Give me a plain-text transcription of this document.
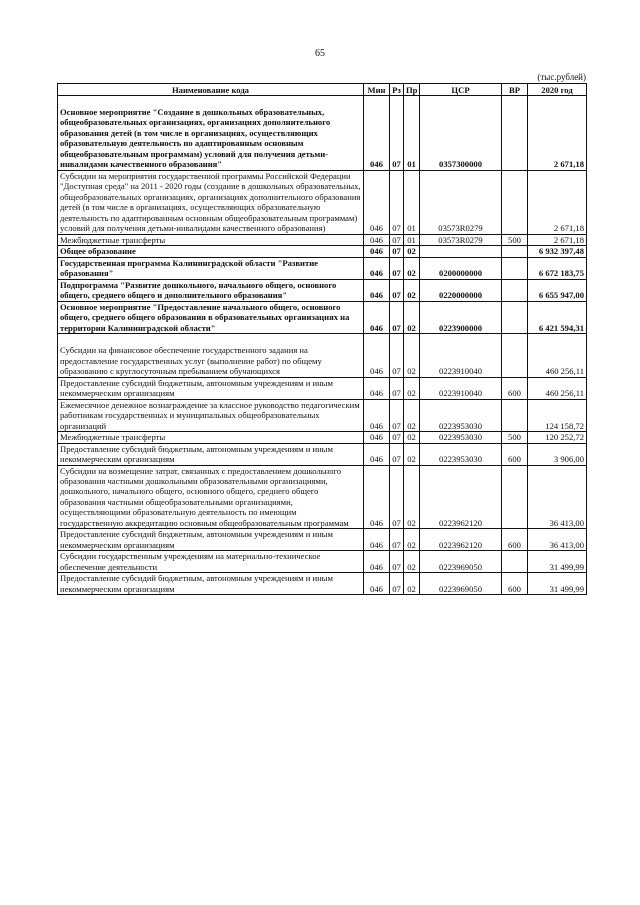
65
(тыс.рублей)
Наименование кода	Мин	Рз	Пр	ЦСР	ВР	2020 год

Основное мероприятие "Создание в дошкольных образовательных, общеобразовательных организациях, организациях дополнительного образования детей (в том числе в организациях, осуществляющих образовательную деятельность по адаптированным основным общеобразовательным программам) условий для получения детьми-инвалидами качественного образования"	046	07	01	0357300000		2 671,18
Субсидии на мероприятия государственной программы Российской Федерации "Доступная среда" на 2011 - 2020 годы (создание в дошкольных образовательных, общеобразовательных организациях, организациях дополнительного образования детей (в том числе в организациях, осуществляющих образовательную деятельность по адаптированным основным общеобразовательным программам) условий для получения детьми-инвалидами качественного образования)	046	07	01	03573R0279		2 671,18
Межбюджетные трансферты	046	07	01	03573R0279	500	2 671,18
Общее образование	046	07	02			6 932 397,48
Государственная программа Калининградской области "Развитие образования"	046	07	02	0200000000		6 672 183,75
Подпрограмма "Развитие дошкольного, начального общего, основного общего, среднего общего и дополнительного образования"	046	07	02	0220000000		6 655 947,00
Основное мероприятие "Предоставление начального общего, основного общего, среднего общего образования в образовательных организациях на территории Калининградской области"	046	07	02	0223900000		6 421 594,31

Субсидии на финансовое обеспечение государственного задания на предоставление государственных услуг (выполнение работ) по общему образованию с круглосуточным пребыванием обучающихся	046	07	02	0223910040		460 256,11
Предоставление субсидий бюджетным, автономным учреждениям и иным некоммерческим организациям	046	07	02	0223910040	600	460 256,11
Ежемесячное денежное вознаграждение за классное руководство педагогическим работникам государственных и муниципальных общеобразовательных организаций	046	07	02	0223953030		124 158,72
Межбюджетные трансферты	046	07	02	0223953030	500	120 252,72
Предоставление субсидий бюджетным, автономным учреждениям и иным некоммерческим организациям	046	07	02	0223953030	600	3 906,00
Субсидии на возмещение затрат, связанных с предоставлением дошкольного образования частными дошкольными образовательными организациями, дошкольного, начального общего, основного общего, среднего общего образования частными общеобразовательными организациями, осуществляющими образовательную деятельность по имеющим государственную аккредитацию основным общеобразовательным программам	046	07	02	0223962120		36 413,00
Предоставление субсидий бюджетным, автономным учреждениям и иным некоммерческим организациям	046	07	02	0223962120	600	36 413,00
Субсидии государственным учреждениям на материально-техническое обеспечение деятельности	046	07	02	0223969050		31 499,99
Предоставление субсидий бюджетным, автономным учреждениям и иным некоммерческим организациям	046	07	02	0223969050	600	31 499,99
